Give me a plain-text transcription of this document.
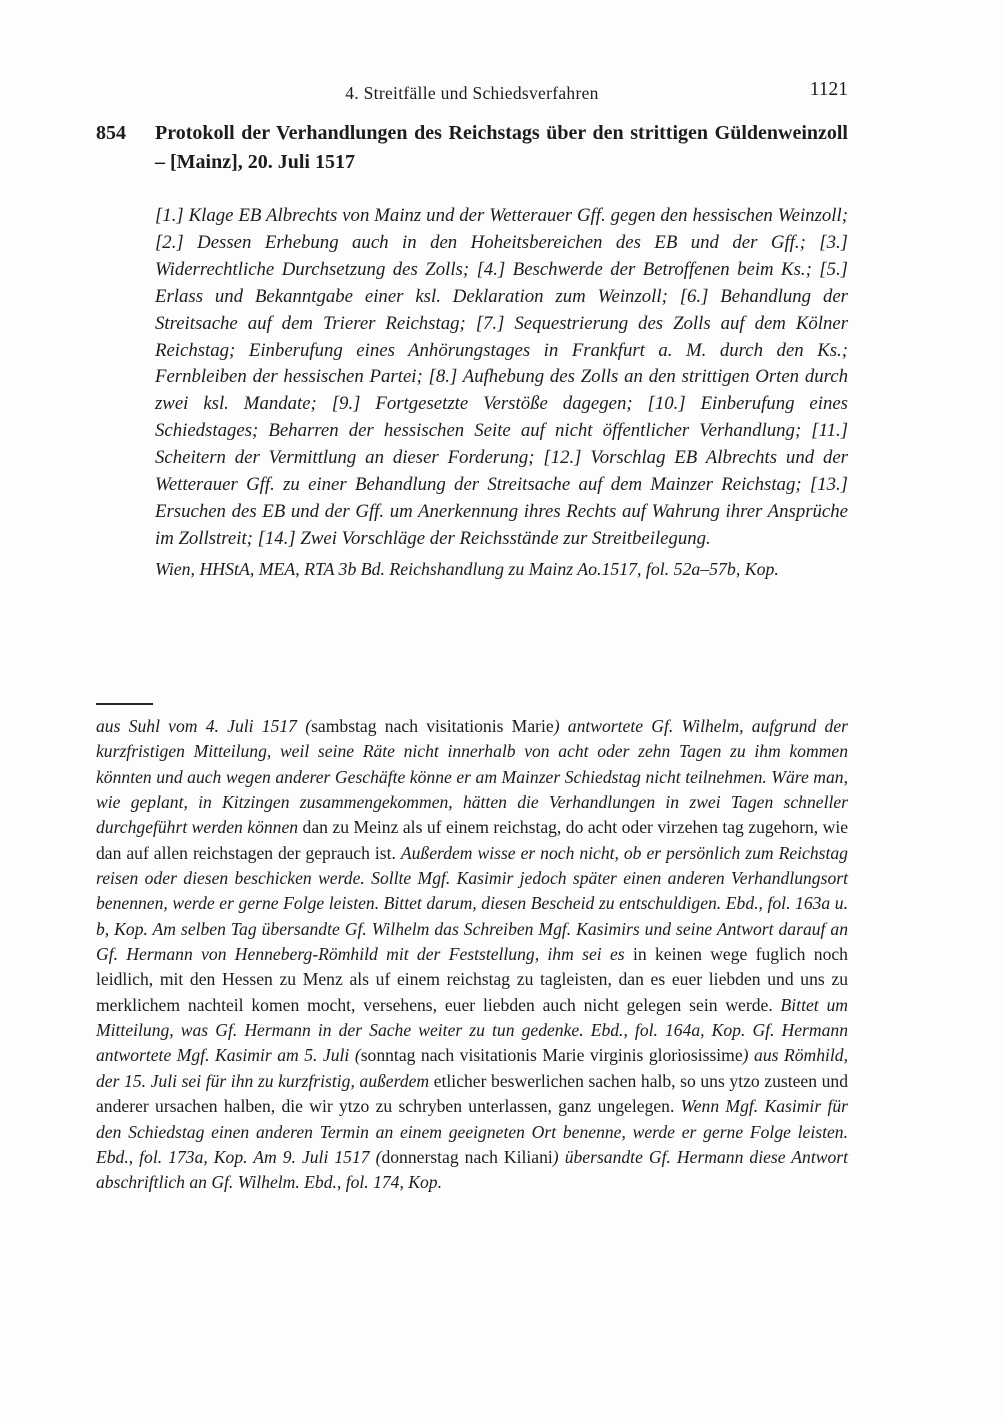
4. Streitfälle und Schiedsverfahren	1121
854 Protokoll der Verhandlungen des Reichstags über den strittigen Güldenweinzoll – [Mainz], 20. Juli 1517

[1.] Klage EB Albrechts von Mainz und der Wetterauer Gff. gegen den hessischen Weinzoll; [2.] Dessen Erhebung auch in den Hoheitsbereichen des EB und der Gff.; [3.] Widerrechtliche Durchsetzung des Zolls; [4.] Beschwerde der Betroffenen beim Ks.; [5.] Erlass und Bekanntgabe einer ksl. Deklaration zum Weinzoll; [6.] Behandlung der Streitsache auf dem Trierer Reichstag; [7.] Sequestrierung des Zolls auf dem Kölner Reichstag; Einberufung eines Anhörungstages in Frankfurt a. M. durch den Ks.; Fernbleiben der hessischen Partei; [8.] Aufhebung des Zolls an den strittigen Orten durch zwei ksl. Mandate; [9.] Fortgesetzte Verstöße dagegen; [10.] Einberufung eines Schiedstages; Beharren der hessischen Seite auf nicht öffentlicher Verhandlung; [11.] Scheitern der Vermittlung an dieser Forderung; [12.] Vorschlag EB Albrechts und der Wetterauer Gff. zu einer Behandlung der Streitsache auf dem Mainzer Reichstag; [13.] Ersuchen des EB und der Gff. um Anerkennung ihres Rechts auf Wahrung ihrer Ansprüche im Zollstreit; [14.] Zwei Vorschläge der Reichsstände zur Streitbeilegung.

Wien, HHStA, MEA, RTA 3b Bd. Reichshandlung zu Mainz Ao.1517, fol. 52a–57b, Kop.

aus Suhl vom 4. Juli 1517 (sambstag nach visitationis Marie) antwortete Gf. Wilhelm, aufgrund der kurzfristigen Mitteilung, weil seine Räte nicht innerhalb von acht oder zehn Tagen zu ihm kommen könnten und auch wegen anderer Geschäfte könne er am Mainzer Schiedstag nicht teilnehmen. Wäre man, wie geplant, in Kitzingen zusammengekommen, hätten die Verhandlungen in zwei Tagen schneller durchgeführt werden können dan zu Meinz als uf einem reichstag, do acht oder virzehen tag zugehorn, wie dan auf allen reichstagen der geprauch ist. Außerdem wisse er noch nicht, ob er persönlich zum Reichstag reisen oder diesen beschicken werde. Sollte Mgf. Kasimir jedoch später einen anderen Verhandlungsort benennen, werde er gerne Folge leisten. Bittet darum, diesen Bescheid zu entschuldigen. Ebd., fol. 163a u. b, Kop. Am selben Tag übersandte Gf. Wilhelm das Schreiben Mgf. Kasimirs und seine Antwort darauf an Gf. Hermann von Henneberg-Römhild mit der Feststellung, ihm sei es in keinen wege fuglich noch leidlich, mit den Hessen zu Menz als uf einem reichstag zu tagleisten, dan es euer liebden und uns zu merklichem nachteil komen mocht, versehens, euer liebden auch nicht gelegen sein werde. Bittet um Mitteilung, was Gf. Hermann in der Sache weiter zu tun gedenke. Ebd., fol. 164a, Kop. Gf. Hermann antwortete Mgf. Kasimir am 5. Juli (sonntag nach visitationis Marie virginis gloriosissime) aus Römhild, der 15. Juli sei für ihn zu kurzfristig, außerdem etlicher beswerlichen sachen halb, so uns ytzo zusteen und anderer ursachen halben, die wir ytzo zu schryben unterlassen, ganz ungelegen. Wenn Mgf. Kasimir für den Schiedstag einen anderen Termin an einem geeigneten Ort benenne, werde er gerne Folge leisten. Ebd., fol. 173a, Kop. Am 9. Juli 1517 (donnerstag nach Kiliani) übersandte Gf. Hermann diese Antwort abschriftlich an Gf. Wilhelm. Ebd., fol. 174, Kop.
